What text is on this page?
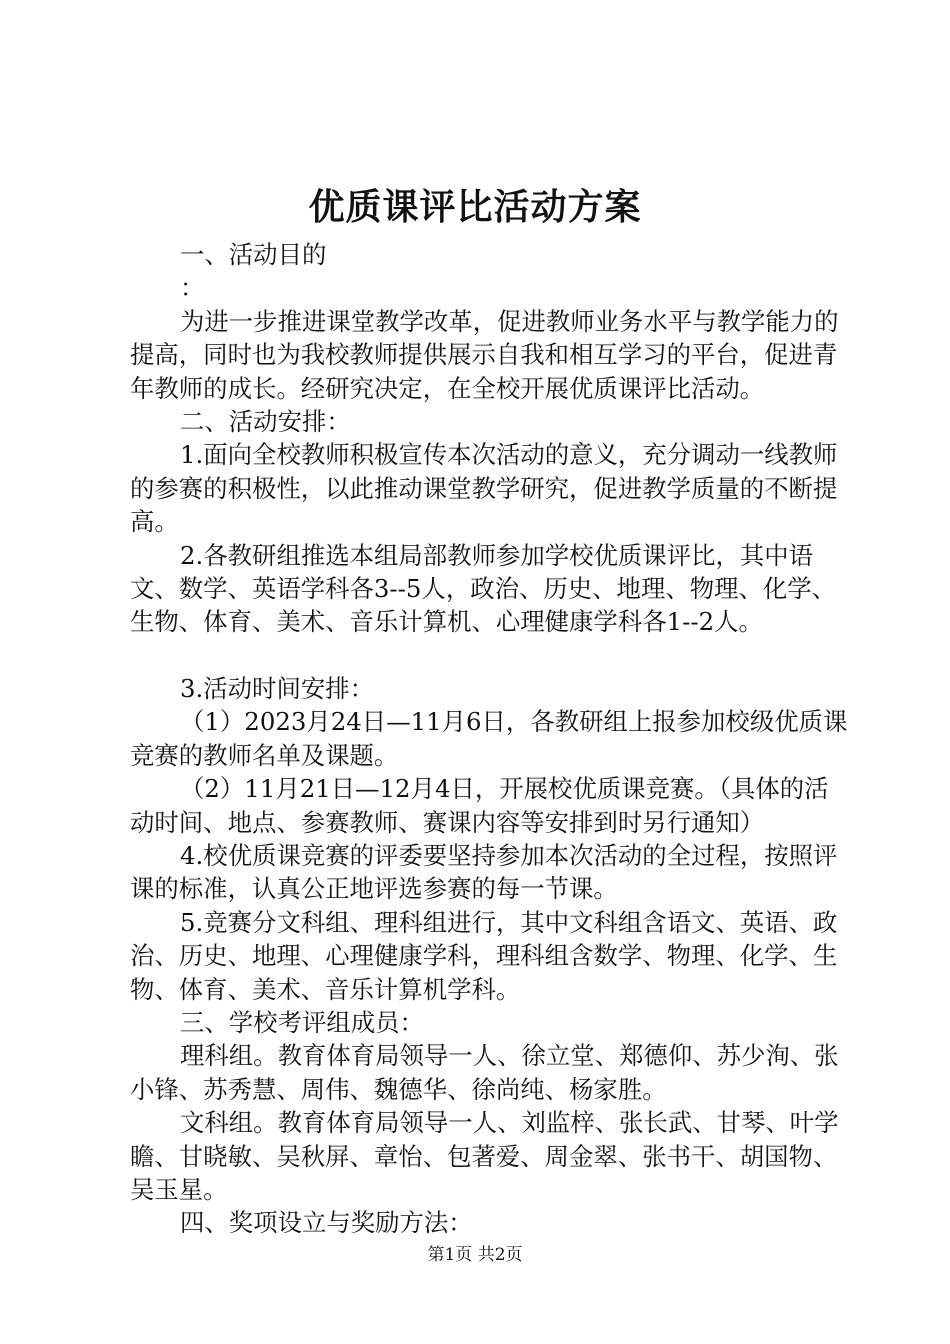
优质课评比活动方案

一、活动目的

：

为进一步推进课堂教学改革，促进教师业务水平与教学能力的提高，同时也为我校教师提供展示自我和相互学习的平台，促进青年教师的成长。经研究决定，在全校开展优质课评比活动。

二、活动安排：

1.面向全校教师积极宣传本次活动的意义，充分调动一线教师的参赛的积极性，以此推动课堂教学研究，促进教学质量的不断提高。

2.各教研组推选本组局部教师参加学校优质课评比，其中语文、数学、英语学科各3--5人，政治、历史、地理、物理、化学、生物、体育、美术、音乐计算机、心理健康学科各1--2人。

3.活动时间安排：

（1）2023月24日—11月6日，各教研组上报参加校级优质课竞赛的教师名单及课题。

（2）11月21日—12月4日，开展校优质课竞赛。（具体的活动时间、地点、参赛教师、赛课内容等安排到时另行通知）

4.校优质课竞赛的评委要坚持参加本次活动的全过程，按照评课的标准，认真公正地评选参赛的每一节课。

5.竞赛分文科组、理科组进行，其中文科组含语文、英语、政治、历史、地理、心理健康学科，理科组含数学、物理、化学、生物、体育、美术、音乐计算机学科。

三、学校考评组成员：

理科组。教育体育局领导一人、徐立堂、郑德仰、苏少洵、张小锋、苏秀慧、周伟、魏德华、徐尚纯、杨家胜。

文科组。教育体育局领导一人、刘监梓、张长武、甘琴、叶学瞻、甘晓敏、吴秋屏、章怡、包著爱、周金翠、张书干、胡国物、吴玉星。

四、奖项设立与奖励方法：

第1页 共2页
